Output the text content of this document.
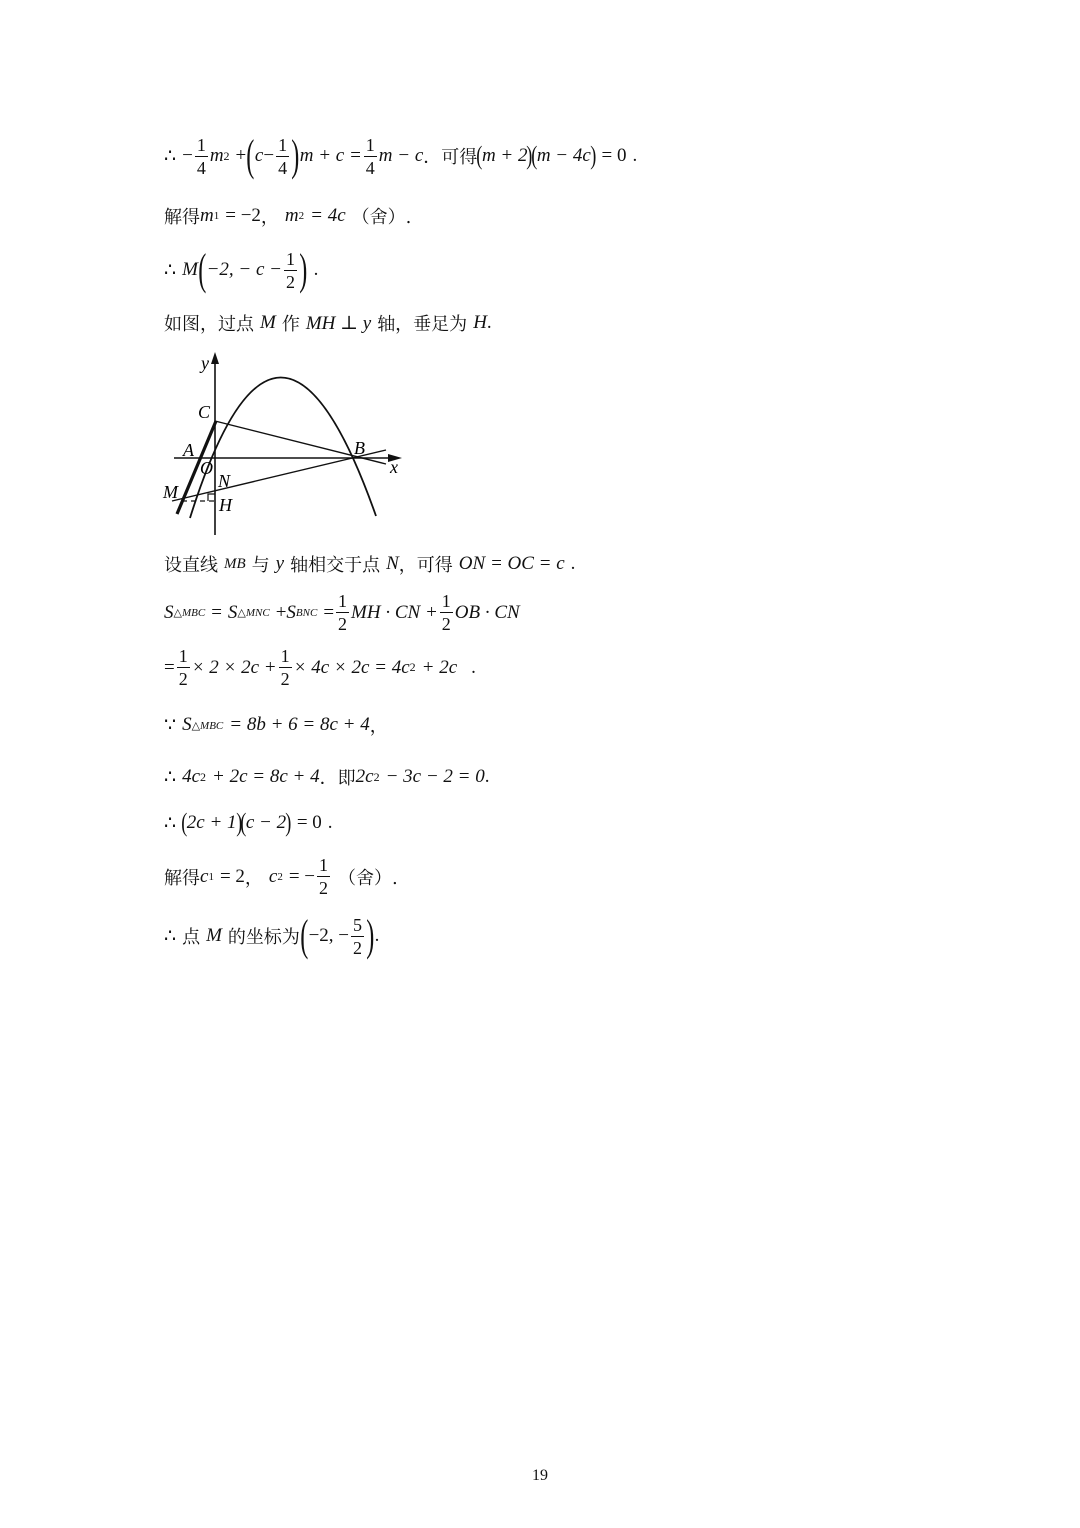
∴ − $\frac{1}{4}$ m 2 + ( $c - \frac{1}{4}$ ) $m + c = \frac{1}{4}$ m − c ．可得 ( m + 2 )
( m − 4c ) = 0 .
解得 m 1 = −2 ， m 2 = 4c （舍）.
∴ M ( −2, − $c - \frac{1}{2}$ ) .
如图，过点 M 作 MH ⊥ y 轴，垂足为 H .
y
C
A
O
B
x
N
M
H
设直线 MB 与 y 轴相交于点 N ，可得 ON = OC = c .
S △MBC = S △MNC + S BNC = $\frac{1}{2}$ MH · CN + $\frac{1}{2}$ OB · CN
= $\frac{1}{2} \times 2 \times 2c + \frac{1}{2} \times 4c \times 2c = 4c$ 2 + 2c .
∵ S △MBC = 8b + 6 = 8c + 4 ，
∴ 4c 2 + 2c = 8c + 4 ．即 2c 2 − 3c − 2 = 0 .
∴ ( 2c + 1 )
( c − 2 ) = 0 .
解得 c 1 = 2 ， c 2 = − $\frac{1}{2}$ （舍）.
∴ 点 M 的坐标为 ( −2, − $\frac{5}{2}$ ) .
19
